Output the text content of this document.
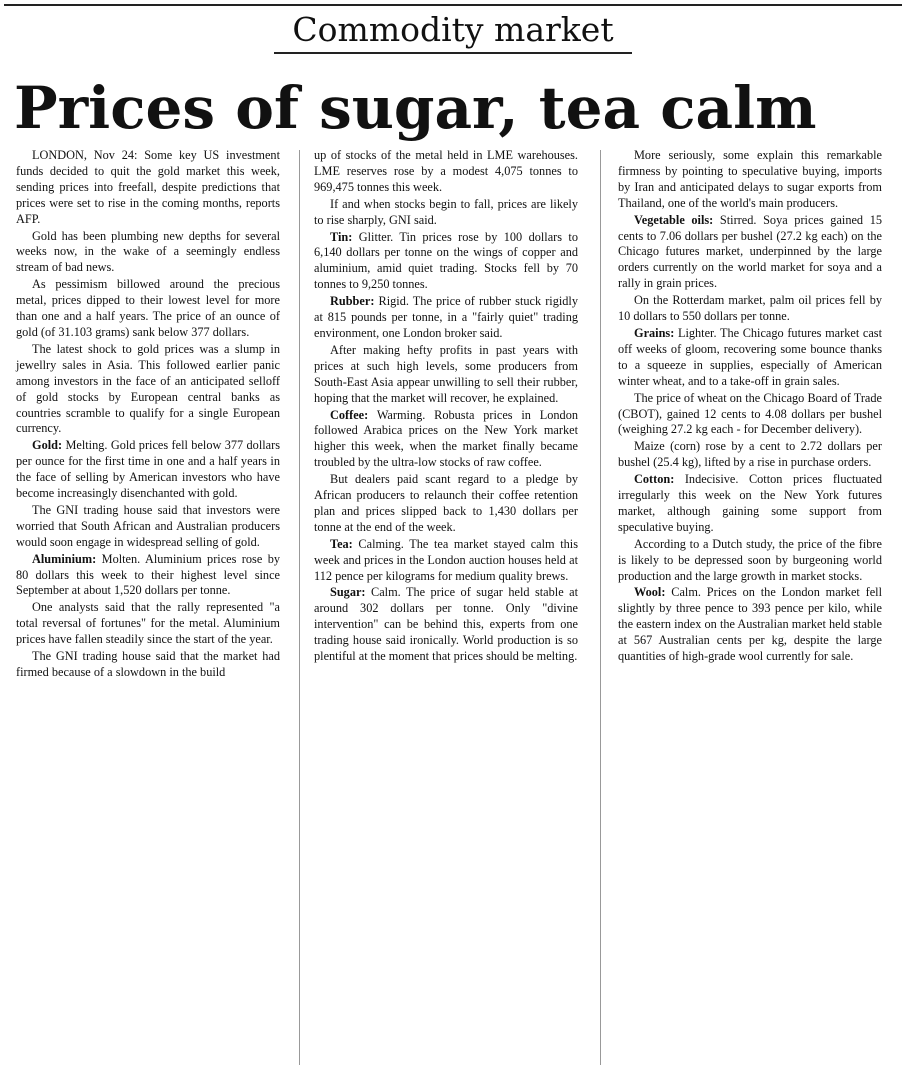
Commodity market
Prices of sugar, tea calm

LONDON, Nov 24: Some key US investment funds decided to quit the gold market this week, sending prices into freefall, despite predictions that prices were set to rise in the coming months, reports AFP.

Gold has been plumbing new depths for several weeks now, in the wake of a seemingly endless stream of bad news.

As pessimism billowed around the precious metal, prices dipped to their lowest level for more than one and a half years. The price of an ounce of gold (of 31.103 grams) sank below 377 dollars.

The latest shock to gold prices was a slump in jewellry sales in Asia. This followed earlier panic among investors in the face of an anticipated selloff of gold stocks by European central banks as countries scramble to qualify for a single European currency.

Gold: Melting. Gold prices fell below 377 dollars per ounce for the first time in one and a half years in the face of selling by American investors who have become increasingly disenchanted with gold.

The GNI trading house said that investors were worried that South African and Australian producers would soon engage in widespread selling of gold.

Aluminium: Molten. Aluminium prices rose by 80 dollars this week to their highest level since September at about 1,520 dollars per tonne.

One analysts said that the rally represented "a total reversal of fortunes" for the metal. Aluminium prices have fallen steadily since the start of the year.

The GNI trading house said that the market had firmed because of a slowdown in the build

up of stocks of the metal held in LME warehouses. LME reserves rose by a modest 4,075 tonnes to 969,475 tonnes this week.

If and when stocks begin to fall, prices are likely to rise sharply, GNI said.

Tin: Glitter. Tin prices rose by 100 dollars to 6,140 dollars per tonne on the wings of copper and aluminium, amid quiet trading. Stocks fell by 70 tonnes to 9,250 tonnes.

Rubber: Rigid. The price of rubber stuck rigidly at 815 pounds per tonne, in a "fairly quiet" trading environment, one London broker said.

After making hefty profits in past years with prices at such high levels, some producers from South-East Asia appear unwilling to sell their rubber, hoping that the market will recover, he explained.

Coffee: Warming. Robusta prices in London followed Arabica prices on the New York market higher this week, when the market finally became troubled by the ultra-low stocks of raw coffee.

But dealers paid scant regard to a pledge by African producers to relaunch their coffee retention plan and prices slipped back to 1,430 dollars per tonne at the end of the week.

Tea: Calming. The tea market stayed calm this week and prices in the London auction houses held at 112 pence per kilograms for medium quality brews.

Sugar: Calm. The price of sugar held stable at around 302 dollars per tonne. Only "divine intervention" can be behind this, experts from one trading house said ironically. World production is so plentiful at the moment that prices should be melting.

More seriously, some explain this remarkable firmness by pointing to speculative buying, imports by Iran and anticipated delays to sugar exports from Thailand, one of the world's main producers.

Vegetable oils: Stirred. Soya prices gained 15 cents to 7.06 dollars per bushel (27.2 kg each) on the Chicago futures market, underpinned by the large orders currently on the world market for soya and a rally in grain prices.

On the Rotterdam market, palm oil prices fell by 10 dollars to 550 dollars per tonne.

Grains: Lighter. The Chicago futures market cast off weeks of gloom, recovering some bounce thanks to a squeeze in supplies, especially of American winter wheat, and to a take-off in grain sales.

The price of wheat on the Chicago Board of Trade (CBOT), gained 12 cents to 4.08 dollars per bushel (weighing 27.2 kg each - for December delivery).

Maize (corn) rose by a cent to 2.72 dollars per bushel (25.4 kg), lifted by a rise in purchase orders.

Cotton: Indecisive. Cotton prices fluctuated irregularly this week on the New York futures market, although gaining some support from speculative buying.

According to a Dutch study, the price of the fibre is likely to be depressed soon by burgeoning world production and the large growth in market stocks.

Wool: Calm. Prices on the London market fell slightly by three pence to 393 pence per kilo, while the eastern index on the Australian market held stable at 567 Australian cents per kg, despite the large quantities of high-grade wool currently for sale.
